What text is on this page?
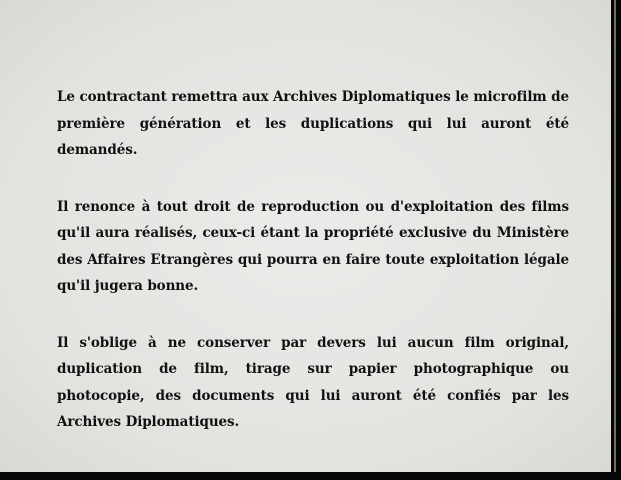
Le contractant remettra aux Archives Diplomatiques le microfilm de première génération et les duplications qui lui auront été demandés.

Il renonce à tout droit de reproduction ou d'exploitation des films qu'il aura réalisés, ceux-ci étant la propriété exclusive du Ministère des Affaires Etrangères qui pourra en faire toute exploitation légale qu'il jugera bonne.

Il s'oblige à ne conserver par devers lui aucun film original, duplication de film, tirage sur papier photographique ou photocopie, des documents qui lui auront été confiés par les Archives Diplomatiques.
